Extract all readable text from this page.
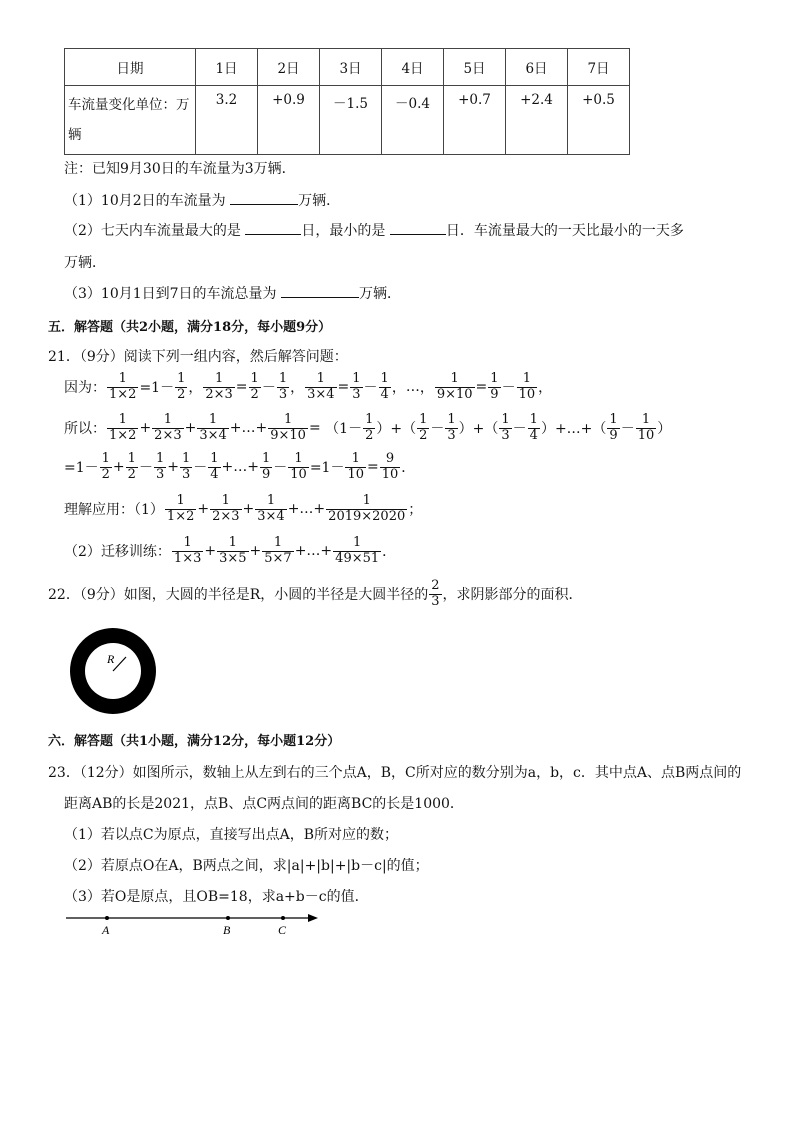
日期	1日	2日	3日	4日	5日	6日	7日
车流量变化单位：万辆	3.2	+0.9	－1.5	－0.4	+0.7	+2.4	+0.5
注：已知9月30日的车流量为3万辆．
（1）10月2日的车流量为	万辆．
（2）七天内车流量最大的是	日，最小的是	日．车流量最大的一天比最小的一天多
万辆．
（3）10月1日到7日的车流总量为	万辆．
五．解答题（共2小题，满分18分，每小题9分）
21．（9分）阅读下列一组内容，然后解答问题：
因为： $\frac{1}{1\times 2} =1- \frac{1}{2}$ ， $\frac{1}{2\times 3} = \frac{1}{2} - \frac{1}{3}$ ， $\frac{1}{3\times 4} = \frac{1}{3} - \frac{1}{4}$ ， … ， $\frac{1}{9\times 10} = \frac{1}{9} - \frac{1}{10}$ ，
所以： $\frac{1}{1\times 2} + \frac{1}{2\times 3} + \frac{1}{3\times 4}$ +…+ $\frac{1}{9\times 10}$ =
（$1- \frac{1}{2}$ ）+（ $\frac{1}{2} - \frac{1}{3}$ ）+（ $\frac{1}{3} - \frac{1}{4}$ ）+…+（ $\frac{1}{9} - \frac{1}{10}$ ）
$=1- \frac{1}{2} + \frac{1}{2} - \frac{1}{3} + \frac{1}{3} - \frac{1}{4}$ +…+ $\frac{1}{9} - \frac{1}{10} =1- \frac{1}{10} = \frac{9}{10}$ ．
理解应用：$(1) \frac{1}{1\times 2} + \frac{1}{2\times 3} + \frac{1}{3\times 4}$ +…+ $\frac{1}{2019\times 2020}$ ；
（2）迁移训练： $\frac{1}{1\times 3} + \frac{1}{3\times 5} + \frac{1}{5\times 7}$ +…+ $\frac{1}{49\times 51}$ ．
22．（9分）如图，大圆的半径是R，小圆的半径是大圆半径的 $\frac{2}{3}$ ，求阴影部分的面积．
R
六．解答题（共1小题，满分12分，每小题12分）
23．（12分）如图所示，数轴上从左到右的三个点A，B，C所对应的数分别为a，b，c．其中点A、点B两点间的
距离AB的长是2021，点B、点C两点间的距离BC的长是1000．
（1）若以点C为原点，直接写出点A，B所对应的数；
（2）若原点O在A，B两点之间，求|a|+|b|+|b－c|的值；
（3）若O是原点，且OB=18，求a+b－c的值．
A	B	C
